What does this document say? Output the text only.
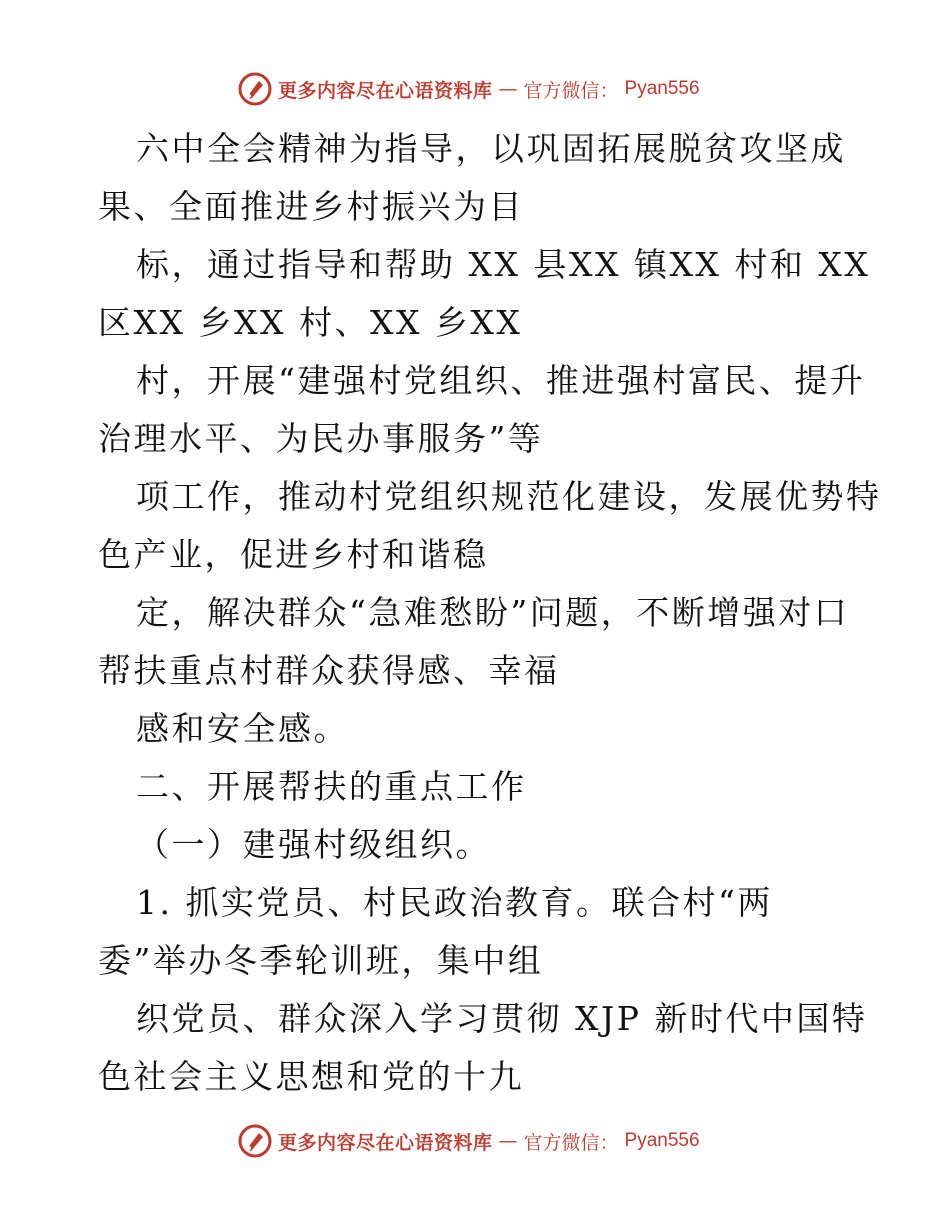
更多内容尽在心语资料库 — 官方微信： Pyan556
六中全会精神为指导，以巩固拓展脱贫攻坚成
果、全面推进乡村振兴为目
标，通过指导和帮助 XX 县XX 镇XX 村和 XX
区XX 乡XX 村、XX 乡XX
村，开展“建强村党组织、推进强村富民、提升
治理水平、为民办事服务”等
项工作，推动村党组织规范化建设，发展优势特
色产业，促进乡村和谐稳
定，解决群众“急难愁盼”问题，不断增强对口
帮扶重点村群众获得感、幸福
感和安全感。
二、开展帮扶的重点工作
（一）建强村级组织。
1. 抓实党员、村民政治教育。联合村“两
委”举办冬季轮训班，集中组
织党员、群众深入学习贯彻 XJP 新时代中国特
色社会主义思想和党的十九
更多内容尽在心语资料库 — 官方微信： Pyan556
